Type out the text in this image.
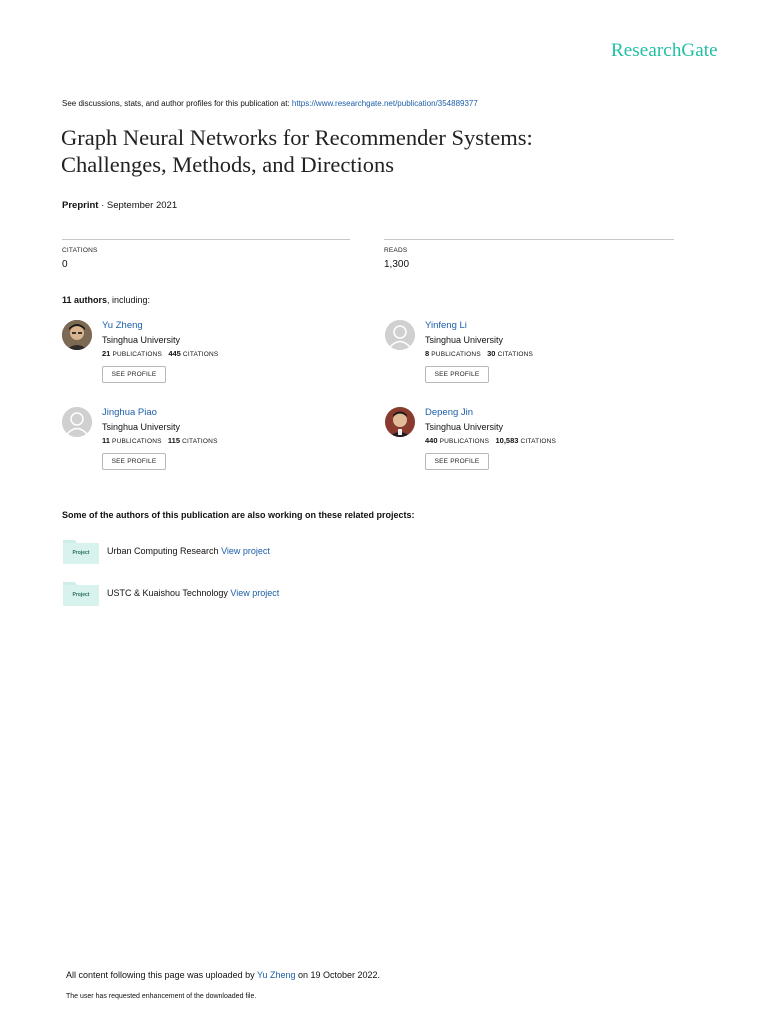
ResearchGate
See discussions, stats, and author profiles for this publication at: https://www.researchgate.net/publication/354889377
Graph Neural Networks for Recommender Systems:
Challenges, Methods, and Directions
Preprint · September 2021
CITATIONS
0
READS
1,300
11 authors, including:
Yu Zheng
Tsinghua University
21 PUBLICATIONS 445 CITATIONS
SEE PROFILE
Yinfeng Li
Tsinghua University
8 PUBLICATIONS 30 CITATIONS
SEE PROFILE
Jinghua Piao
Tsinghua University
11 PUBLICATIONS 115 CITATIONS
SEE PROFILE
Depeng Jin
Tsinghua University
440 PUBLICATIONS 10,583 CITATIONS
SEE PROFILE
Some of the authors of this publication are also working on these related projects:
Project	Urban Computing Research View project
Project	USTC & Kuaishou Technology View project
All content following this page was uploaded by Yu Zheng on 19 October 2022.
The user has requested enhancement of the downloaded file.
